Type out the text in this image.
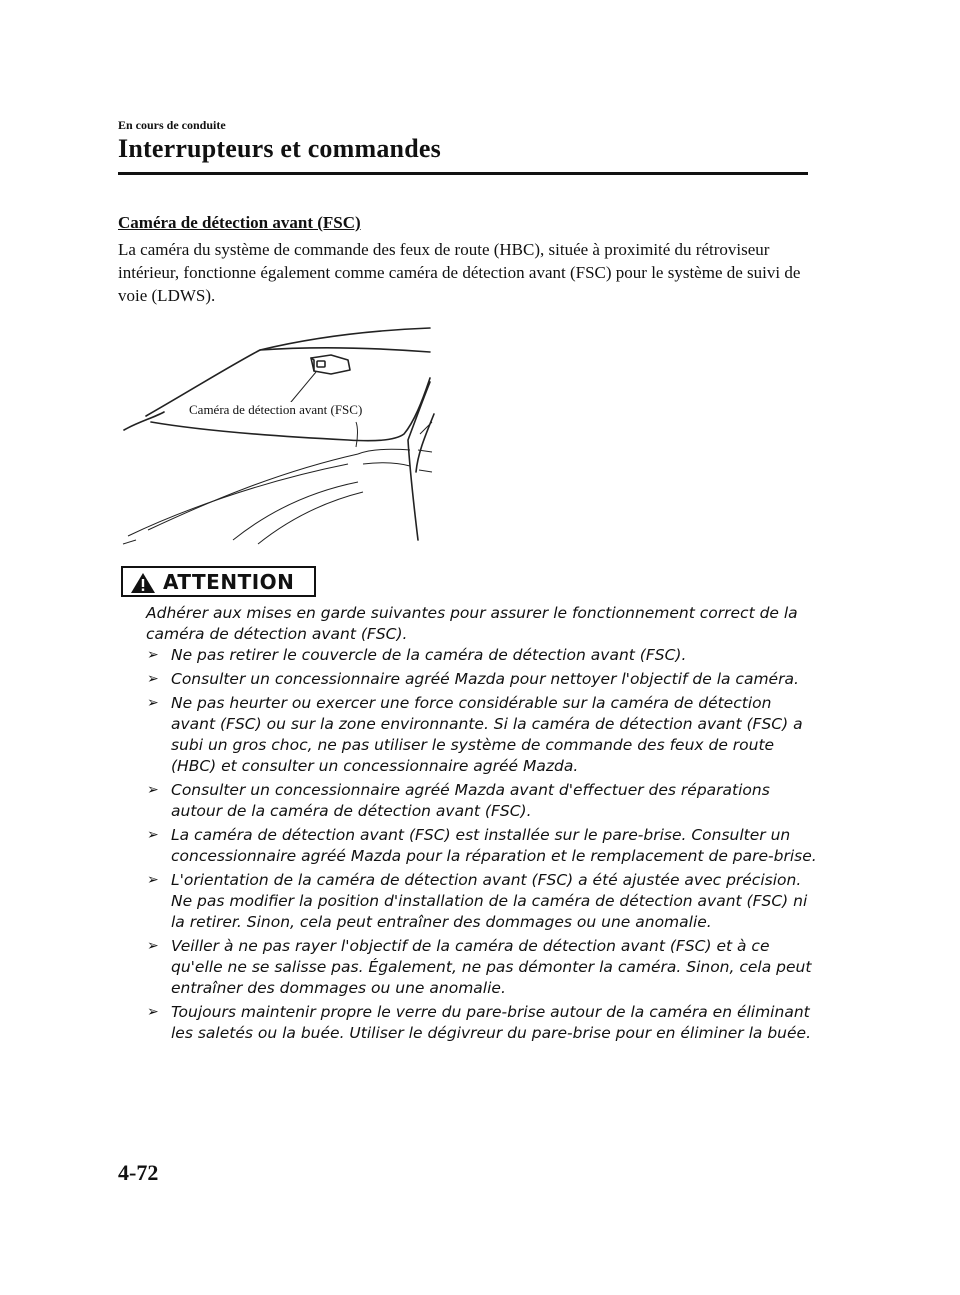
En cours de conduite
Interrupteurs et commandes
Caméra de détection avant (FSC)

La caméra du système de commande des feux de route (HBC), située à proximité du rétroviseur intérieur, fonctionne également comme caméra de détection avant (FSC) pour le système de suivi de voie (LDWS).

Caméra de détection avant (FSC)
ATTENTION

Adhérer aux mises en garde suivantes pour assurer le fonctionnement correct de la caméra de détection avant (FSC).

➢ Ne pas retirer le couvercle de la caméra de détection avant (FSC).
➢ Consulter un concessionnaire agréé Mazda pour nettoyer l'objectif de la caméra.
➢ Ne pas heurter ou exercer une force considérable sur la caméra de détection avant (FSC) ou sur la zone environnante. Si la caméra de détection avant (FSC) a subi un gros choc, ne pas utiliser le système de commande des feux de route (HBC) et consulter un concessionnaire agréé Mazda.
➢ Consulter un concessionnaire agréé Mazda avant d'effectuer des réparations autour de la caméra de détection avant (FSC).
➢ La caméra de détection avant (FSC) est installée sur le pare-brise. Consulter un concessionnaire agréé Mazda pour la réparation et le remplacement de pare-brise.
➢ L'orientation de la caméra de détection avant (FSC) a été ajustée avec précision. Ne pas modifier la position d'installation de la caméra de détection avant (FSC) ni la retirer. Sinon, cela peut entraîner des dommages ou une anomalie.
➢ Veiller à ne pas rayer l'objectif de la caméra de détection avant (FSC) et à ce qu'elle ne se salisse pas. Également, ne pas démonter la caméra. Sinon, cela peut entraîner des dommages ou une anomalie.
➢ Toujours maintenir propre le verre du pare-brise autour de la caméra en éliminant les saletés ou la buée. Utiliser le dégivreur du pare-brise pour en éliminer la buée.
4-72
